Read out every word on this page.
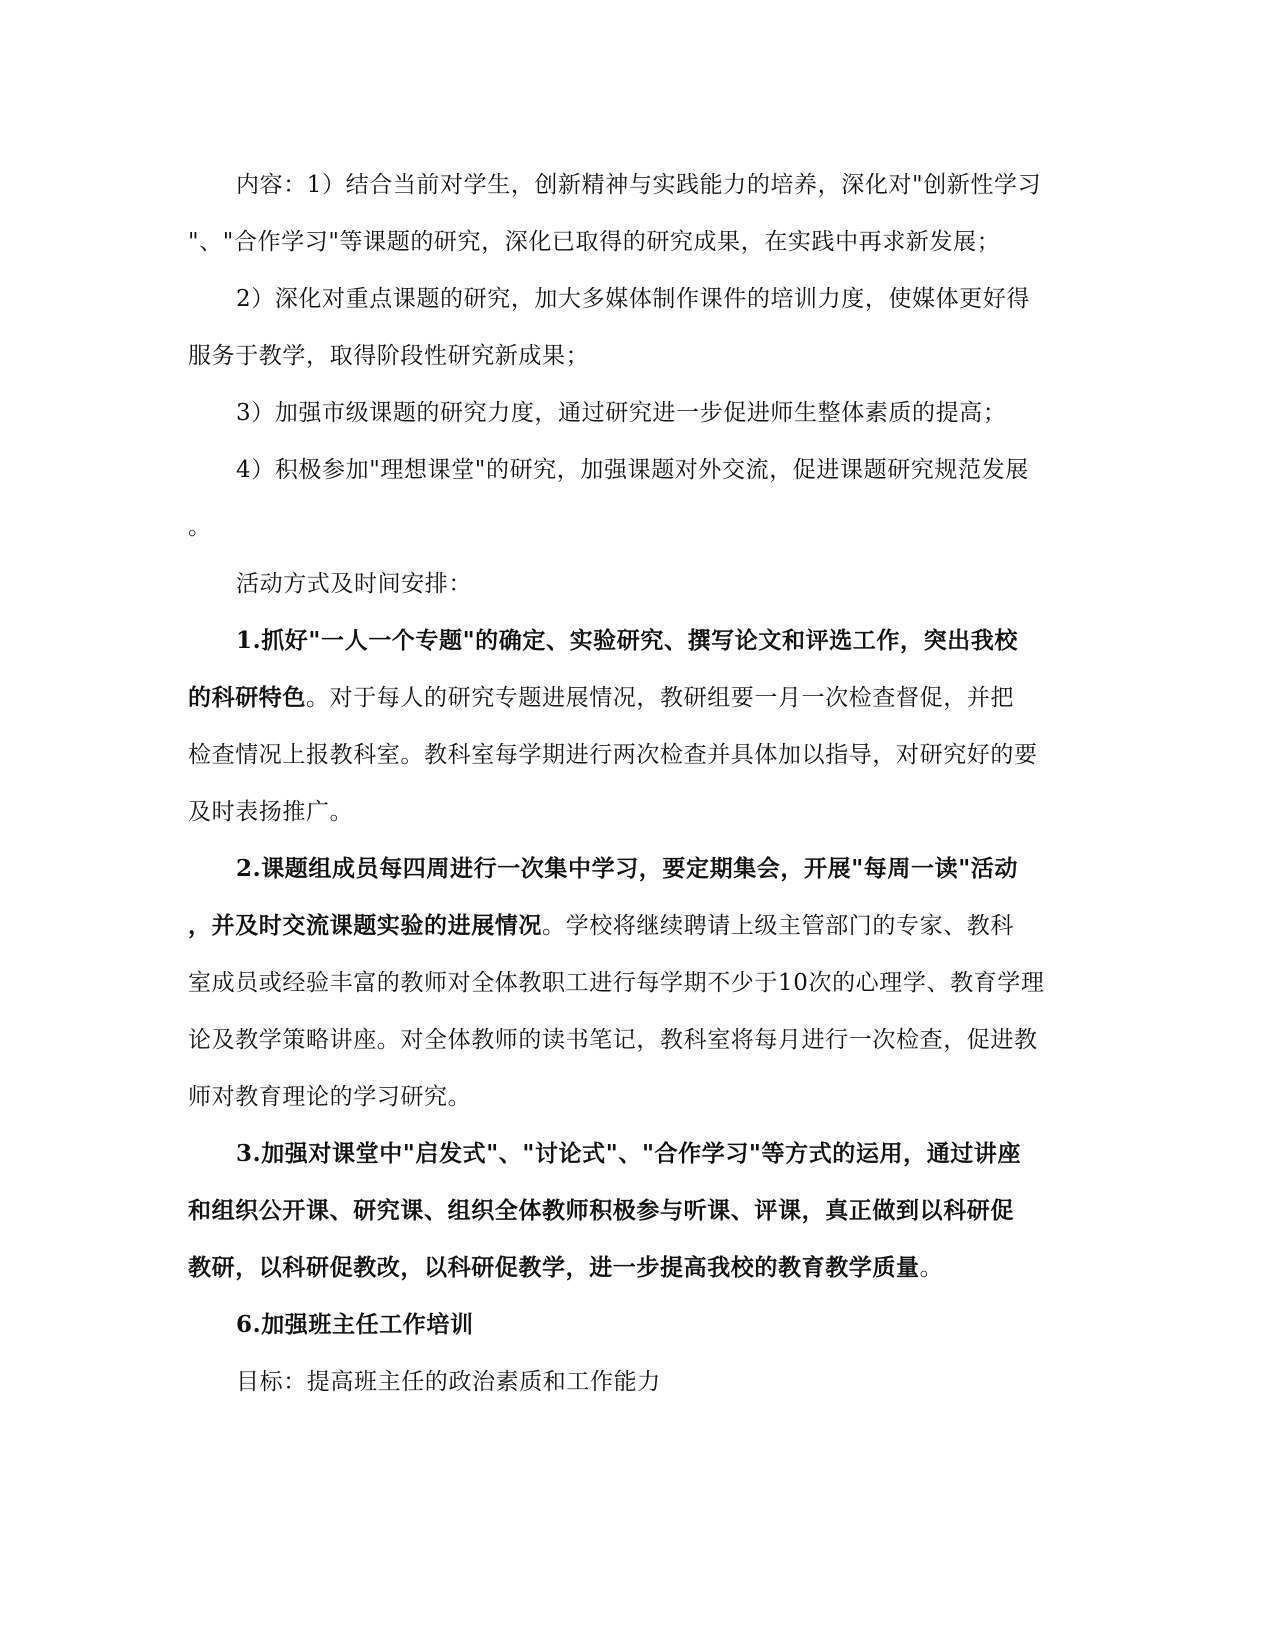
内容：1）结合当前对学生，创新精神与实践能力的培养，深化对"创新性学习
"、"合作学习"等课题的研究，深化已取得的研究成果，在实践中再求新发展；
2）深化对重点课题的研究，加大多媒体制作课件的培训力度，使媒体更好得
服务于教学，取得阶段性研究新成果；
3）加强市级课题的研究力度，通过研究进一步促进师生整体素质的提高；
4）积极参加"理想课堂"的研究，加强课题对外交流，促进课题研究规范发展
。
活动方式及时间安排：
1.抓好"一人一个专题"的确定、实验研究、撰写论文和评选工作，突出我校
的科研特色。对于每人的研究专题进展情况，教研组要一月一次检查督促，并把
检查情况上报教科室。教科室每学期进行两次检查并具体加以指导，对研究好的要
及时表扬推广。
2.课题组成员每四周进行一次集中学习，要定期集会，开展"每周一读"活动
，并及时交流课题实验的进展情况。学校将继续聘请上级主管部门的专家、教科
室成员或经验丰富的教师对全体教职工进行每学期不少于10次的心理学、教育学理
论及教学策略讲座。对全体教师的读书笔记，教科室将每月进行一次检查，促进教
师对教育理论的学习研究。
3.加强对课堂中"启发式"、"讨论式"、"合作学习"等方式的运用，通过讲座
和组织公开课、研究课、组织全体教师积极参与听课、评课，真正做到以科研促
教研，以科研促教改，以科研促教学，进一步提高我校的教育教学质量。
6.加强班主任工作培训
目标：提高班主任的政治素质和工作能力
